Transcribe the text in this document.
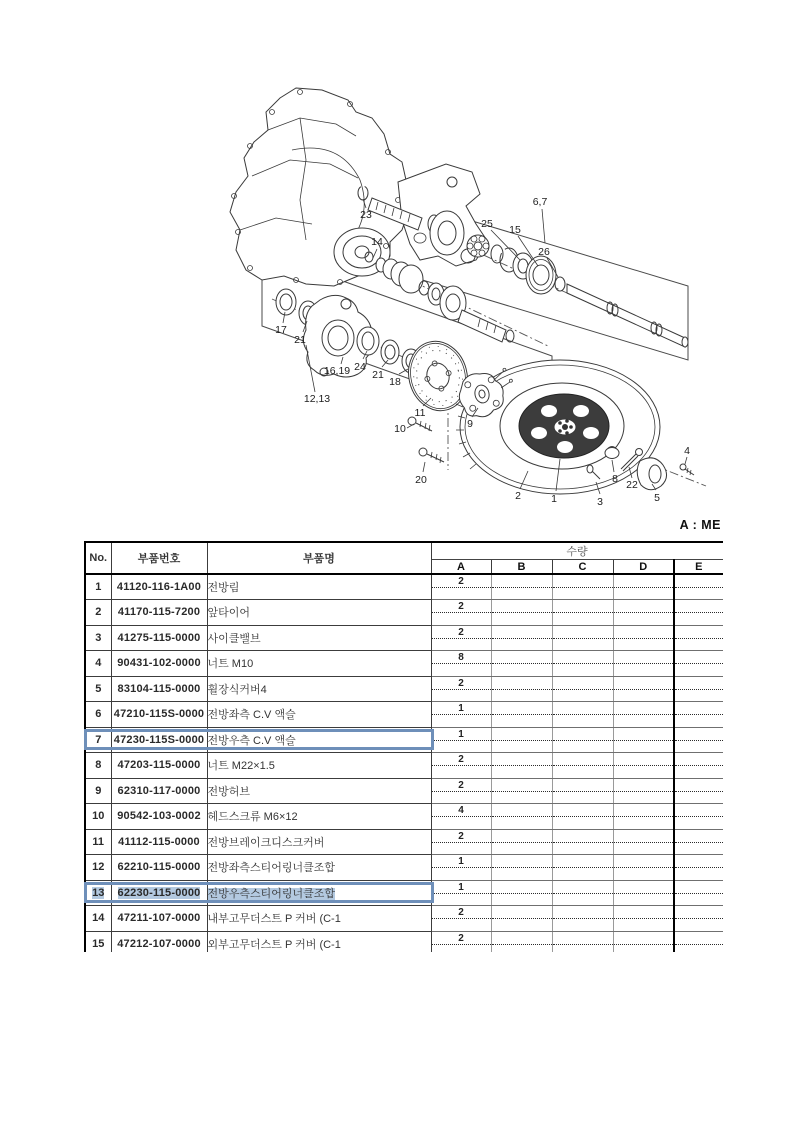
23
14
25 15
26
6,7
17
21
16,19 24
21
18
12,13
11
10	9
20
2	1	3
8 22
5
4
A : ME
No.	부품번호	부품명	수량				
			A	B	C	D	E
1	41120-116-1A00	전방림	2				

2	41170-115-7200	앞타이어	2				

3	41275-115-0000	사이클밸브	2				

4	90431-102-0000	너트 M10	8				

5	83104-115-0000	휠장식커버4	2				

6	47210-115S-0000	전방좌측 C.V 액슬	1				

7	47230-115S-0000	전방우측 C.V 액슬	1				

8	47203-115-0000	너트 M22×1.5	2				

9	62310-117-0000	전방허브	2				

10	90542-103-0002	헤드스크류 M6×12	4				

11	41112-115-0000	전방브레이크디스크커버	2				

12	62210-115-0000	전방좌측스티어링너클조합	1				

13	62230-115-0000	전방우측스티어링너클조합	1				

14	47211-107-0000	내부고무더스트 P 커버 (C-1	2				

15	47212-107-0000	외부고무더스트 P 커버 (C-1	2				
